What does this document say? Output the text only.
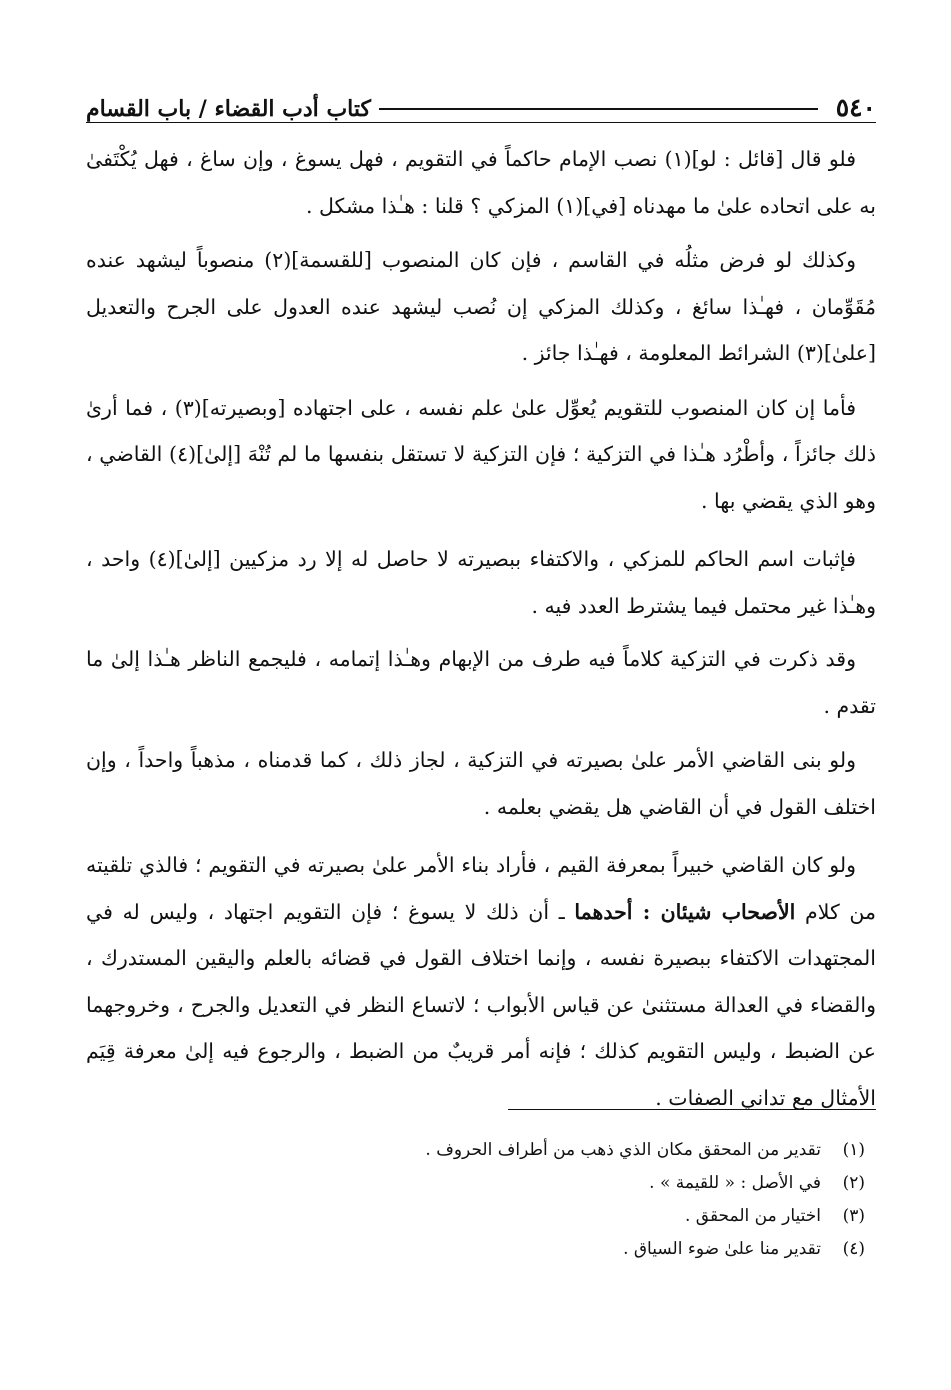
٥٤٠
كتاب أدب القضاء / باب القسام

فلو قال [قائل : لو](١) نصب الإمام حاكماً في التقويم ، فهل يسوغ ، وإن ساغ ، فهل يُكْتَفىٰ به على اتحاده علىٰ ما مهدناه [في](١) المزكي ؟ قلنا : هـٰذا مشكل .

وكذلك لو فرض مثلُه في القاسم ، فإن كان المنصوب [للقسمة](٢) منصوباً ليشهد عنده مُقَوِّمان ، فهـٰذا سائغ ، وكذلك المزكي إن نُصب ليشهد عنده العدول على الجرح والتعديل [علىٰ](٣) الشرائط المعلومة ، فهـٰذا جائز .

فأما إن كان المنصوب للتقويم يُعوِّل علىٰ علم نفسه ، على اجتهاده [وبصيرته](٣) ، فما أرىٰ ذلك جائزاً ، وأطْرُد هـٰذا في التزكية ؛ فإن التزكية لا تستقل بنفسها ما لم تُنْهَ [إلىٰ](٤) القاضي ، وهو الذي يقضي بها .

فإثبات اسم الحاكم للمزكي ، والاكتفاء ببصيرته لا حاصل له إلا رد مزكيين [إلىٰ](٤) واحد ، وهـٰذا غير محتمل فيما يشترط العدد فيه .

وقد ذكرت في التزكية كلاماً فيه طرف من الإبهام وهـٰذا إتمامه ، فليجمع الناظر هـٰذا إلىٰ ما تقدم .

ولو بنى القاضي الأمر علىٰ بصيرته في التزكية ، لجاز ذلك ، كما قدمناه ، مذهباً واحداً ، وإن اختلف القول في أن القاضي هل يقضي بعلمه .

ولو كان القاضي خبيراً بمعرفة القيم ، فأراد بناء الأمر علىٰ بصيرته في التقويم ؛ فالذي تلقيته من كلام الأصحاب شيئان : أحدهما ـ أن ذلك لا يسوغ ؛ فإن التقويم اجتهاد ، وليس له في المجتهدات الاكتفاء ببصيرة نفسه ، وإنما اختلاف القول في قضائه بالعلم واليقين المستدرك ، والقضاء في العدالة مستثنىٰ عن قياس الأبواب ؛ لاتساع النظر في التعديل والجرح ، وخروجهما عن الضبط ، وليس التقويم كذلك ؛ فإنه أمر قريبٌ من الضبط ، والرجوع فيه إلىٰ معرفة قِيَم الأمثال مع تداني الصفات .

(١)تقدير من المحقق مكان الذي ذهب من أطراف الحروف .
(٢)في الأصل : « للقيمة » .
(٣)اختيار من المحقق .
(٤)تقدير منا علىٰ ضوء السياق .
